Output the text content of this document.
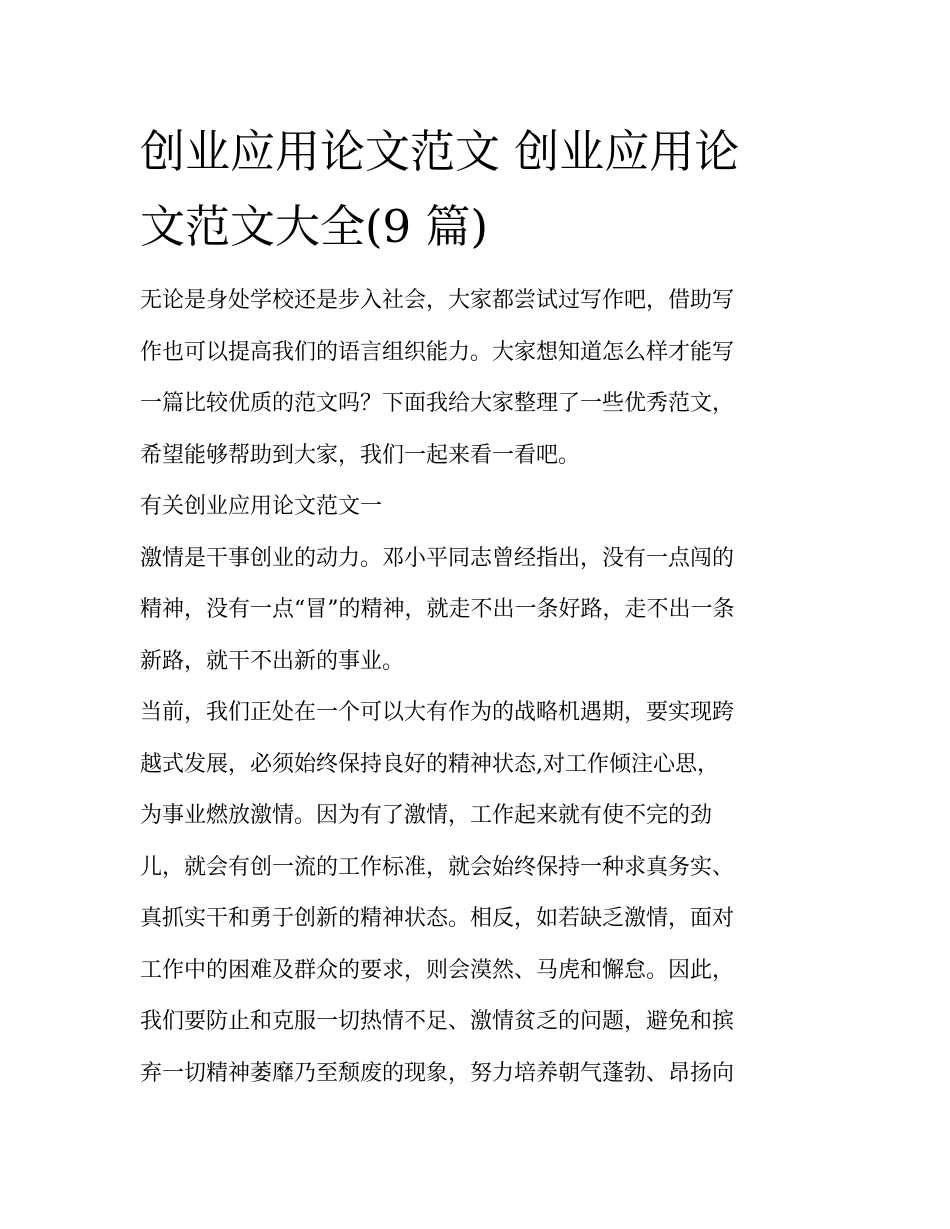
创业应用论文范文 创业应用论
文范文大全(9 篇)
无论是身处学校还是步入社会，大家都尝试过写作吧，借助写
作也可以提高我们的语言组织能力。大家想知道怎么样才能写
一篇比较优质的范文吗？下面我给大家整理了一些优秀范文，
希望能够帮助到大家，我们一起来看一看吧。
有关创业应用论文范文一
激情是干事创业的动力。邓小平同志曾经指出，没有一点闯的
精神，没有一点“冒”的精神，就走不出一条好路，走不出一条
新路，就干不出新的事业。
当前，我们正处在一个可以大有作为的战略机遇期，要实现跨
越式发展，必须始终保持良好的精神状态,对工作倾注心思，
为事业燃放激情。因为有了激情，工作起来就有使不完的劲
儿，就会有创一流的工作标准，就会始终保持一种求真务实、
真抓实干和勇于创新的精神状态。相反，如若缺乏激情，面对
工作中的困难及群众的要求，则会漠然、马虎和懈怠。因此，
我们要防止和克服一切热情不足、激情贫乏的问题，避免和摈
弃一切精神萎靡乃至颓废的现象，努力培养朝气蓬勃、昂扬向
